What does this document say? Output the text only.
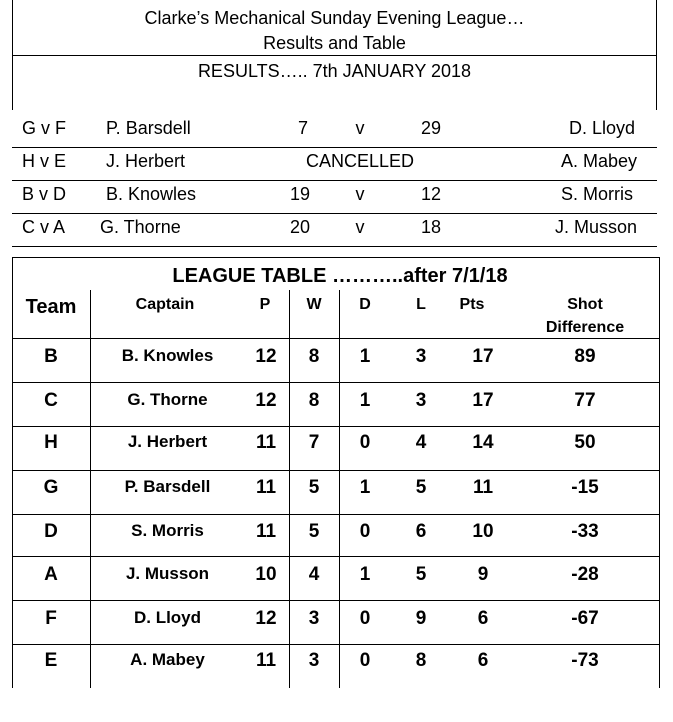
Clarke’s Mechanical Sunday Evening League…
Results and Table
RESULTS….. 7th JANUARY 2018
G v F P. Barsdell	7	v	29	D. Lloyd
H v E J. Herbert	CANCELLED	A. Mabey
B v D B. Knowles	19	v	12	S. Morris
C v A G. Thorne	20	v	18	J. Musson
LEAGUE TABLE ………..after 7/1/18
Team	Captain	P	W	D	L	Pts	Shot
Difference
B	B. Knowles	12	8	1	3	17	89
C	G. Thorne	12	8	1	3	17	77
H	J. Herbert	11	7	0	4	14	50
G	P. Barsdell	11	5	1	5	11	-15
D	S. Morris	11	5	0	6	10	-33
A	J. Musson	10	4	1	5	9	-28
F	D. Lloyd	12	3	0	9	6	-67
E	A. Mabey	11	3	0	8	6	-73
